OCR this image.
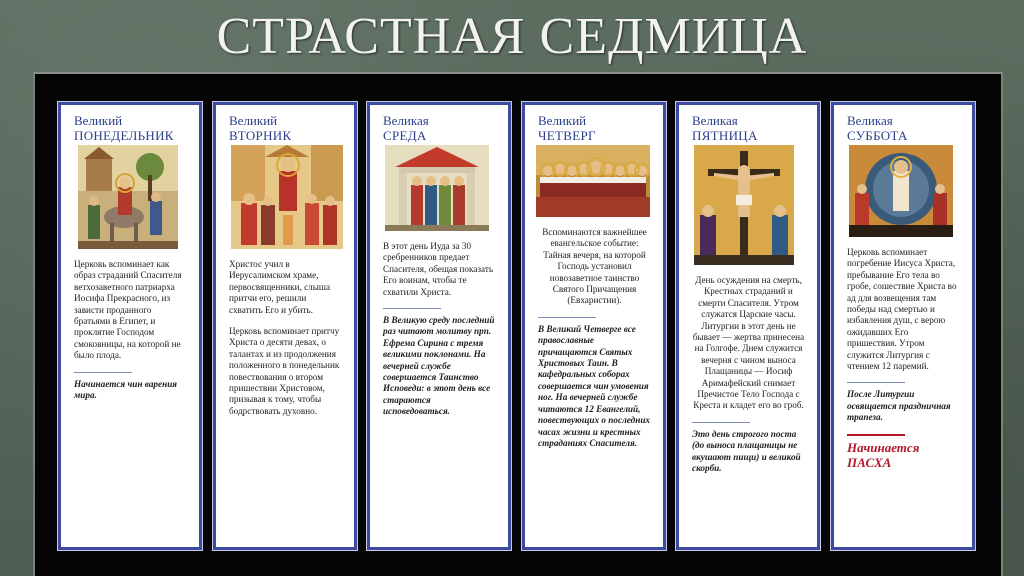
СТРАСТНАЯ СЕДМИЦА
Великий
ПОНЕДЕЛЬНИК
Церковь вспоминает как образ страданий Спасителя ветхозаветного патриарха Иосифа Прекрасного, из зависти проданного братьями в Египет, и проклятие Господом смоковницы, на которой не было плода.
Начинается чин варения мира.
Великий
ВТОРНИК
Христос учил в Иерусалимском храме, первосвященники, слыша притчи его, решили схватить Его и убить.
Церковь вспоминает притчу Христа о десяти девах, о талантах и из продолжения положенного в понедельник повествования о втором пришествии Христовом, призывая к тому, чтобы бодрствовать духовно.
Великая
СРЕДА
В этот день Иуда за 30 сребренников предает Спасителя, обещая показать Его воинам, чтобы те схватили Христа.
В Великую среду последний раз читают молитву прп. Ефрема Сирина с тремя великими поклонами. На вечерней службе совершается Таинство Исповеди: в этот день все стараются исповедоваться.
Великий
ЧЕТВЕРГ
Вспоминаются важнейшее евангельское событие: Тайная вечеря, на которой Господь установил новозаветное таинство Святого Причащения (Евхаристии).
В Великий Четверге все православные причащаются Святых Христовых Таин. В кафедральных соборах совершается чин умовения ног. На вечерней службе читаются 12 Евангелий, повествующих о последних часах жизни и крестных страданиях Спасителя.
Великая
ПЯТНИЦА
День осуждения на смерть, Крестных страданий и смерти Спасителя. Утром служатся Царские часы. Литургии в этот день не бывает — жертва принесена на Голгофе. Днем служится вечерня с чином выноса Плащаницы — Иосиф Аримафейский снимает Пречистое Тело Господа с Креста и кладет его во гроб.
Это день строгого поста (до выноса плащаницы не вкушают пищи) и великой скорби.
Великая
СУББОТА
Церковь вспоминает погребение Иисуса Христа, пребывание Его тела во гробе, сошествие Христа во ад для возвещения там победы над смертью и избавления душ, с верою ожидавших Его пришествия. Утром служится Литургия с чтением 12 паремий.
После Литургии освящается праздничная трапеза.
Начинается ПАСХА
